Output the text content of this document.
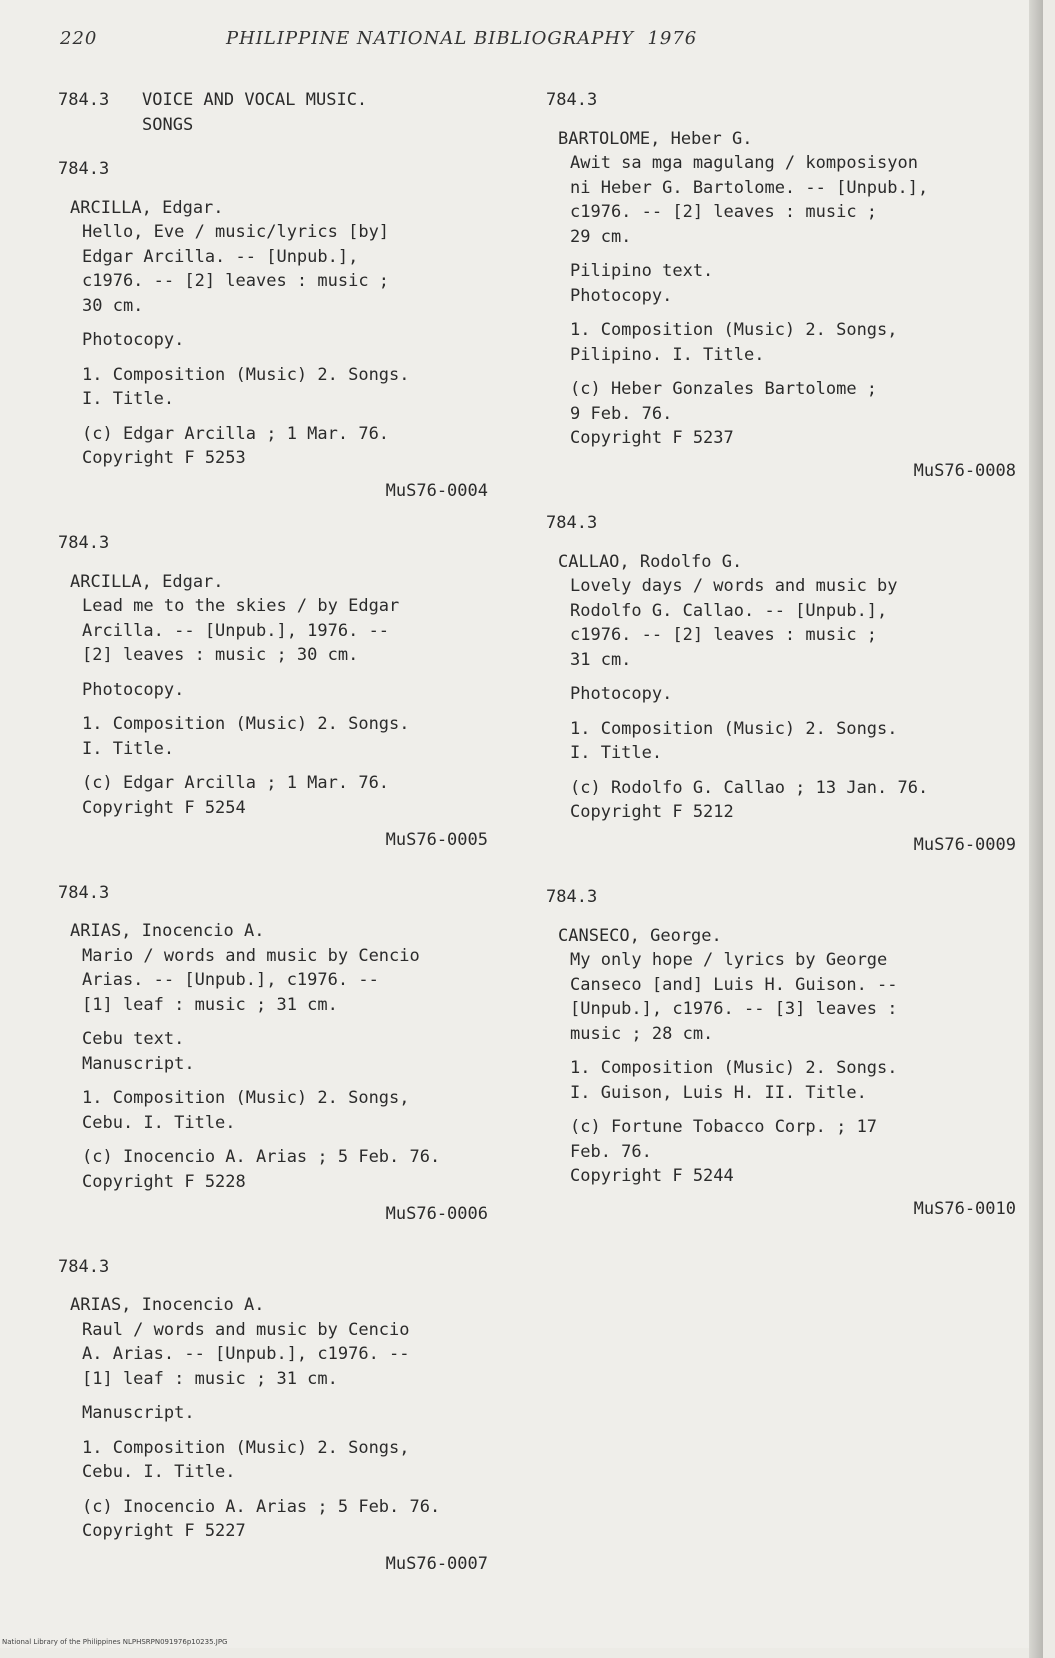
220	PHILIPPINE NATIONAL BIBLIOGRAPHY 1976

784.3 VOICE AND VOCAL MUSIC.

SONGS

784.3

ARCILLA, Edgar.

Hello, Eve / music/lyrics [by]

Edgar Arcilla. -- [Unpub.],

c1976. -- [2] leaves : music ;

30 cm.

Photocopy.

1. Composition (Music) 2. Songs.

I. Title.

(c) Edgar Arcilla ; 1 Mar. 76.

Copyright F 5253

MuS76-0004

784.3

ARCILLA, Edgar.

Lead me to the skies / by Edgar

Arcilla. -- [Unpub.], 1976. --

[2] leaves : music ; 30 cm.

Photocopy.

1. Composition (Music) 2. Songs.

I. Title.

(c) Edgar Arcilla ; 1 Mar. 76.

Copyright F 5254

MuS76-0005

784.3

ARIAS, Inocencio A.

Mario / words and music by Cencio

Arias. -- [Unpub.], c1976. --

[1] leaf : music ; 31 cm.

Cebu text.

Manuscript.

1. Composition (Music) 2. Songs,

Cebu. I. Title.

(c) Inocencio A. Arias ; 5 Feb. 76.

Copyright F 5228

MuS76-0006

784.3

ARIAS, Inocencio A.

Raul / words and music by Cencio

A. Arias. -- [Unpub.], c1976. --

[1] leaf : music ; 31 cm.

Manuscript.

1. Composition (Music) 2. Songs,

Cebu. I. Title.

(c) Inocencio A. Arias ; 5 Feb. 76.

Copyright F 5227

MuS76-0007

784.3

BARTOLOME, Heber G.

Awit sa mga magulang / komposisyon

ni Heber G. Bartolome. -- [Unpub.],

c1976. -- [2] leaves : music ;

29 cm.

Pilipino text.

Photocopy.

1. Composition (Music) 2. Songs,

Pilipino. I. Title.

(c) Heber Gonzales Bartolome ;

9 Feb. 76.

Copyright F 5237

MuS76-0008

784.3

CALLAO, Rodolfo G.

Lovely days / words and music by

Rodolfo G. Callao. -- [Unpub.],

c1976. -- [2] leaves : music ;

31 cm.

Photocopy.

1. Composition (Music) 2. Songs.

I. Title.

(c) Rodolfo G. Callao ; 13 Jan. 76.

Copyright F 5212

MuS76-0009

784.3

CANSECO, George.

My only hope / lyrics by George

Canseco [and] Luis H. Guison. --

[Unpub.], c1976. -- [3] leaves :

music ; 28 cm.

1. Composition (Music) 2. Songs.

I. Guison, Luis H. II. Title.

(c) Fortune Tobacco Corp. ; 17

Feb. 76.

Copyright F 5244

MuS76-0010

National Library of the Philippines NLPHSRPN091976p10235.JPG
